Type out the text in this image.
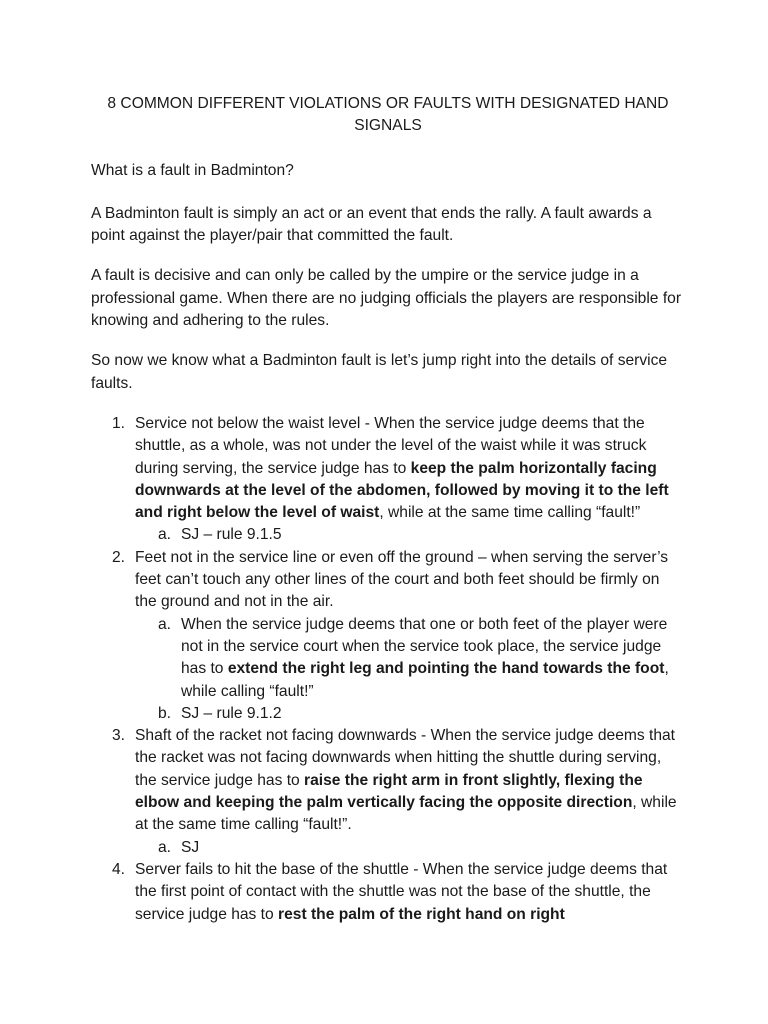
8 COMMON DIFFERENT VIOLATIONS OR FAULTS WITH DESIGNATED HAND SIGNALS

What is a fault in Badminton?

A Badminton fault is simply an act or an event that ends the rally. A fault awards a point against the player/pair that committed the fault.

A fault is decisive and can only be called by the umpire or the service judge in a professional game. When there are no judging officials the players are responsible for knowing and adhering to the rules.

So now we know what a Badminton fault is let’s jump right into the details of service faults.

1. Service not below the waist level - When the service judge deems that the shuttle, as a whole, was not under the level of the waist while it was struck during serving, the service judge has to keep the palm horizontally facing downwards at the level of the abdomen, followed by moving it to the left and right below the level of waist, while at the same time calling “fault!”
a. SJ – rule 9.1.5
2. Feet not in the service line or even off the ground – when serving the server’s feet can’t touch any other lines of the court and both feet should be firmly on the ground and not in the air.
a. When the service judge deems that one or both feet of the player were not in the service court when the service took place, the service judge has to extend the right leg and pointing the hand towards the foot, while calling “fault!”
b. SJ – rule 9.1.2
3. Shaft of the racket not facing downwards - When the service judge deems that the racket was not facing downwards when hitting the shuttle during serving, the service judge has to raise the right arm in front slightly, flexing the elbow and keeping the palm vertically facing the opposite direction, while at the same time calling “fault!”.
a. SJ
4. Server fails to hit the base of the shuttle - When the service judge deems that the first point of contact with the shuttle was not the base of the shuttle, the service judge has to rest the palm of the right hand on right
